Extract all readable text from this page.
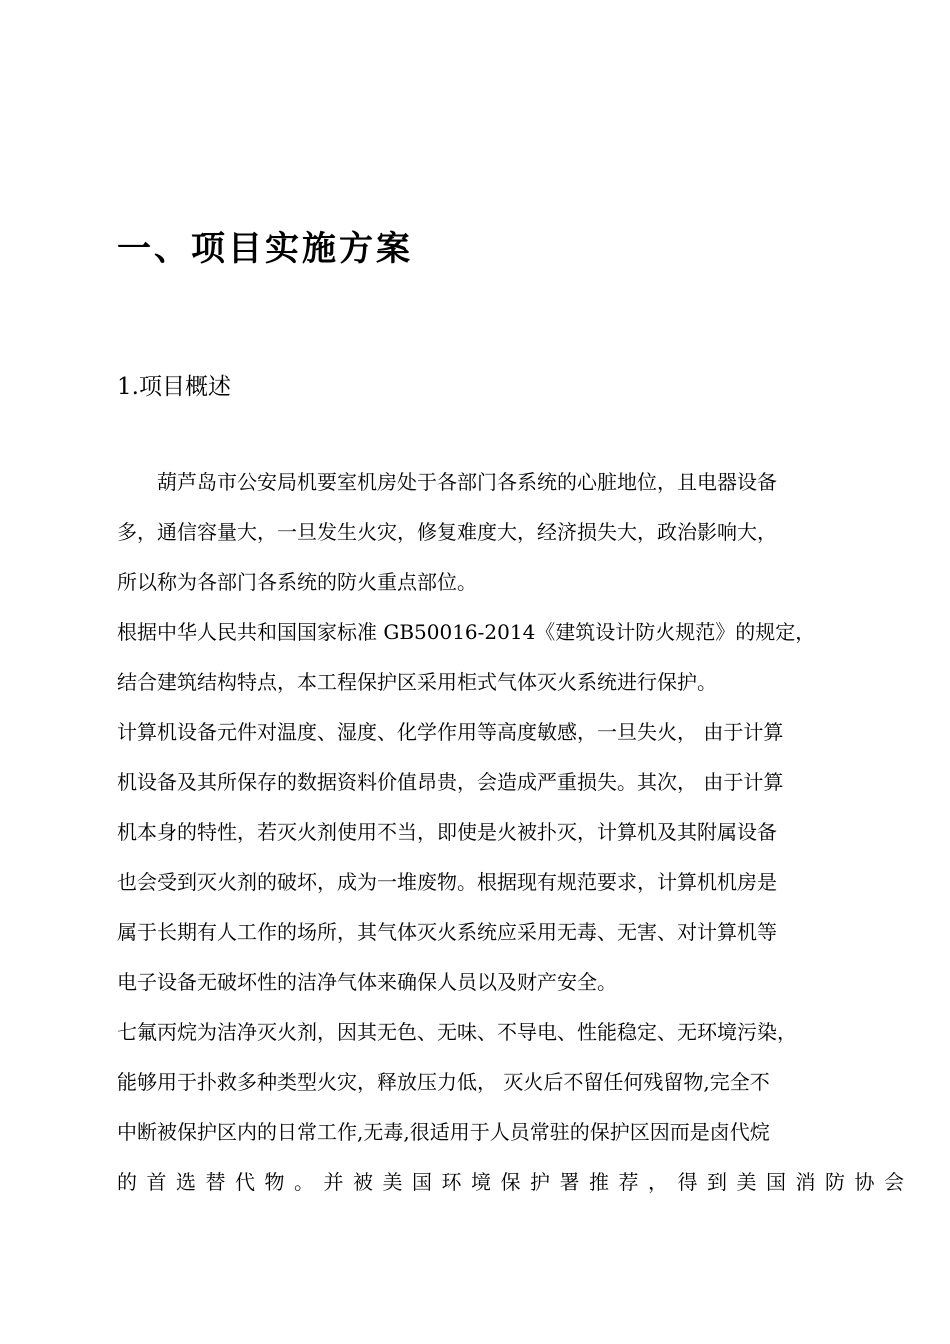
一、项目实施方案
1.项目概述
葫芦岛市公安局机要室机房处于各部门各系统的心脏地位，且电器设备
多，通信容量大，一旦发生火灾，修复难度大，经济损失大，政治影响大，
所以称为各部门各系统的防火重点部位。
根据中华人民共和国国家标准 GB50016-2014《建筑设计防火规范》的规定，
结合建筑结构特点，本工程保护区采用柜式气体灭火系统进行保护。
计算机设备元件对温度、湿度、化学作用等高度敏感，一旦失火， 由于计算
机设备及其所保存的数据资料价值昂贵，会造成严重损失。其次， 由于计算
机本身的特性，若灭火剂使用不当，即使是火被扑灭，计算机及其附属设备
也会受到灭火剂的破坏，成为一堆废物。根据现有规范要求，计算机机房是
属于长期有人工作的场所，其气体灭火系统应采用无毒、无害、对计算机等
电子设备无破坏性的洁净气体来确保人员以及财产安全。
七氟丙烷为洁净灭火剂，因其无色、无味、不导电、性能稳定、无环境污染，
能够用于扑救多种类型火灾，释放压力低， 灭火后不留任何残留物,完全不
中断被保护区内的日常工作,无毒,很适用于人员常驻的保护区因而是卤代烷
的首选替代物。并被美国环境保护署推荐，得到美国消防协会
